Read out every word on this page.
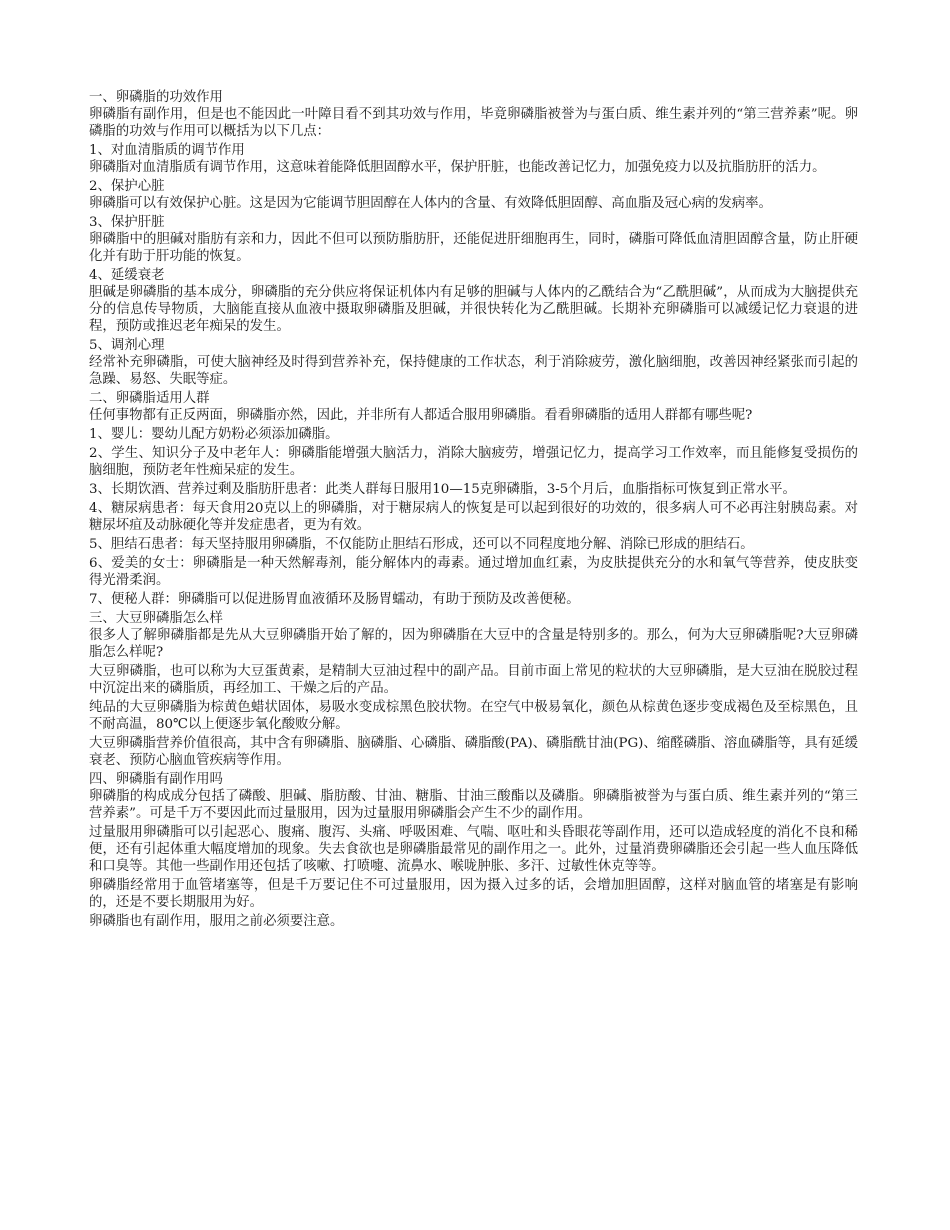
一、卵磷脂的功效作用

卵磷脂有副作用，但是也不能因此一叶障目看不到其功效与作用，毕竟卵磷脂被誉为与蛋白质、维生素并列的“第三营养素”呢。卵磷脂的功效与作用可以概括为以下几点：

1、对血清脂质的调节作用

卵磷脂对血清脂质有调节作用，这意味着能降低胆固醇水平，保护肝脏，也能改善记忆力，加强免疫力以及抗脂肪肝的活力。

2、保护心脏

卵磷脂可以有效保护心脏。这是因为它能调节胆固醇在人体内的含量、有效降低胆固醇、高血脂及冠心病的发病率。

3、保护肝脏

卵磷脂中的胆碱对脂肪有亲和力，因此不但可以预防脂肪肝，还能促进肝细胞再生，同时，磷脂可降低血清胆固醇含量，防止肝硬化并有助于肝功能的恢复。

4、延缓衰老

胆碱是卵磷脂的基本成分，卵磷脂的充分供应将保证机体内有足够的胆碱与人体内的乙酰结合为“乙酰胆碱”，从而成为大脑提供充分的信息传导物质，大脑能直接从血液中摄取卵磷脂及胆碱，并很快转化为乙酰胆碱。长期补充卵磷脂可以减缓记忆力衰退的进程，预防或推迟老年痴呆的发生。

5、调剂心理

经常补充卵磷脂，可使大脑神经及时得到营养补充，保持健康的工作状态，利于消除疲劳，激化脑细胞，改善因神经紧张而引起的急躁、易怒、失眠等症。

二、卵磷脂适用人群

任何事物都有正反两面，卵磷脂亦然，因此，并非所有人都适合服用卵磷脂。看看卵磷脂的适用人群都有哪些呢?

1、婴儿：婴幼儿配方奶粉必须添加磷脂。

2、学生、知识分子及中老年人：卵磷脂能增强大脑活力，消除大脑疲劳，增强记忆力，提高学习工作效率，而且能修复受损伤的脑细胞，预防老年性痴呆症的发生。

3、长期饮酒、营养过剩及脂肪肝患者：此类人群每日服用10—15克卵磷脂，3-5个月后，血脂指标可恢复到正常水平。

4、糖尿病患者：每天食用20克以上的卵磷脂，对于糖尿病人的恢复是可以起到很好的功效的，很多病人可不必再注射胰岛素。对糖尿坏疽及动脉硬化等并发症患者，更为有效。

5、胆结石患者：每天坚持服用卵磷脂，不仅能防止胆结石形成，还可以不同程度地分解、消除已形成的胆结石。

6、爱美的女士：卵磷脂是一种天然解毒剂，能分解体内的毒素。通过增加血红素，为皮肤提供充分的水和氧气等营养，使皮肤变得光滑柔润。

7、便秘人群：卵磷脂可以促进肠胃血液循环及肠胃蠕动，有助于预防及改善便秘。

三、大豆卵磷脂怎么样

很多人了解卵磷脂都是先从大豆卵磷脂开始了解的，因为卵磷脂在大豆中的含量是特别多的。那么，何为大豆卵磷脂呢?大豆卵磷脂怎么样呢?

大豆卵磷脂，也可以称为大豆蛋黄素，是精制大豆油过程中的副产品。目前市面上常见的粒状的大豆卵磷脂，是大豆油在脱胶过程中沉淀出来的磷脂质，再经加工、干燥之后的产品。

纯品的大豆卵磷脂为棕黄色蜡状固体，易吸水变成棕黑色胶状物。在空气中极易氧化，颜色从棕黄色逐步变成褐色及至棕黑色，且不耐高温，80℃以上便逐步氧化酸败分解。

大豆卵磷脂营养价值很高，其中含有卵磷脂、脑磷脂、心磷脂、磷脂酸(PA)、磷脂酰甘油(PG)、缩醛磷脂、溶血磷脂等，具有延缓衰老、预防心脑血管疾病等作用。

四、卵磷脂有副作用吗

卵磷脂的构成成分包括了磷酸、胆碱、脂肪酸、甘油、糖脂、甘油三酸酯以及磷脂。卵磷脂被誉为与蛋白质、维生素并列的“第三营养素”。可是千万不要因此而过量服用，因为过量服用卵磷脂会产生不少的副作用。

过量服用卵磷脂可以引起恶心、腹痛、腹泻、头痛、呼吸困难、气喘、呕吐和头昏眼花等副作用，还可以造成轻度的消化不良和稀便，还有引起体重大幅度增加的现象。失去食欲也是卵磷脂最常见的副作用之一。此外，过量消费卵磷脂还会引起一些人血压降低和口臭等。其他一些副作用还包括了咳嗽、打喷嚏、流鼻水、喉咙肿胀、多汗、过敏性休克等等。

卵磷脂经常用于血管堵塞等，但是千万要记住不可过量服用，因为摄入过多的话，会增加胆固醇，这样对脑血管的堵塞是有影响的，还是不要长期服用为好。

卵磷脂也有副作用，服用之前必须要注意。
